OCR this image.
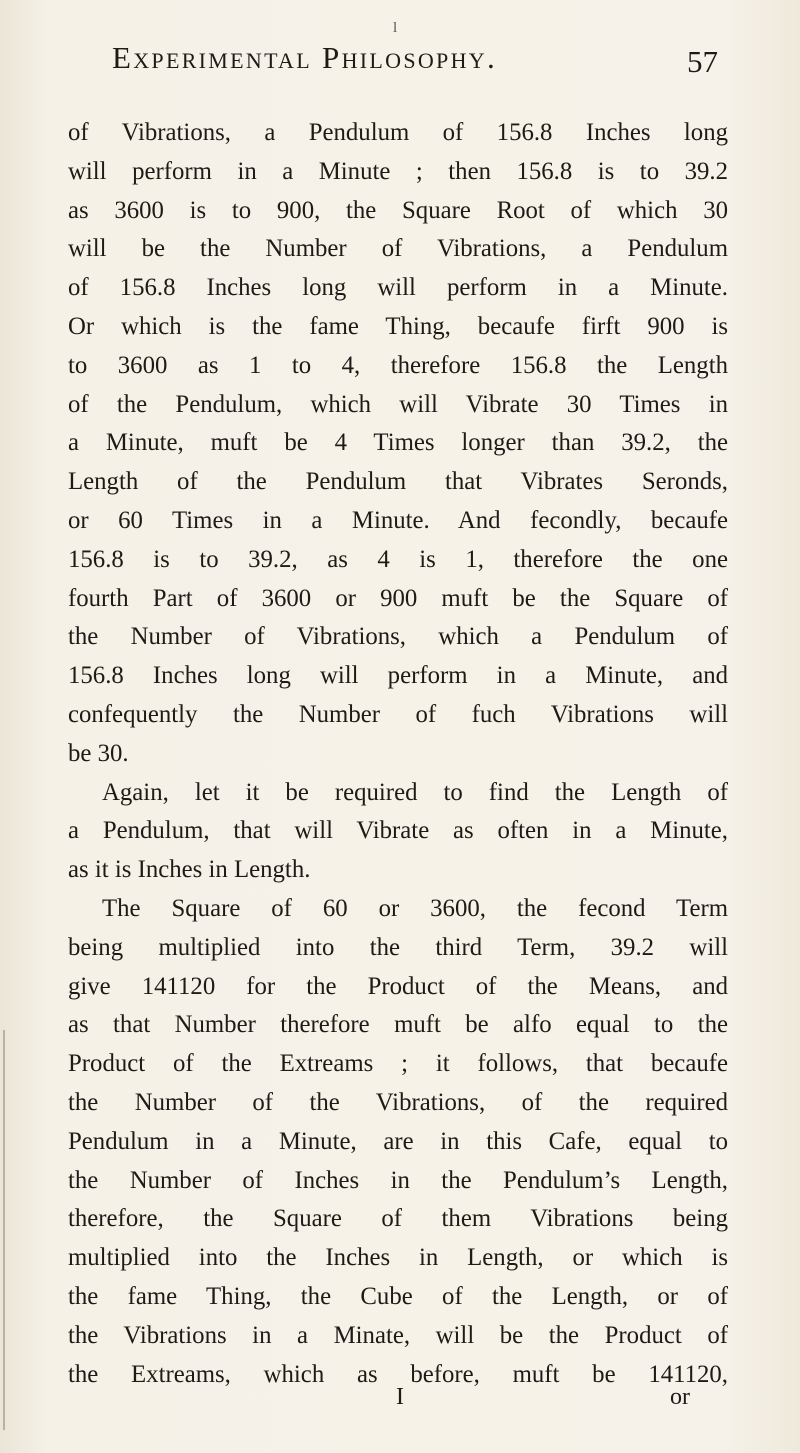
l
Experimental Philosophy.	57
of Vibrations, a Pendulum of 156.8 Inches long
will perform in a Minute ; then 156.8 is to 39.2
as 3600 is to 900, the Square Root of which 30
will be the Number of Vibrations, a Pendulum
of 156.8 Inches long will perform in a Minute.
Or which is the fame Thing, becaufe firft 900 is
to 3600 as 1 to 4, therefore 156.8 the Length
of the Pendulum, which will Vibrate 30 Times in
a Minute, muft be 4 Times longer than 39.2, the
Length of the Pendulum that Vibrates Seronds,
or 60 Times in a Minute. And fecondly, becaufe
156.8 is to 39.2, as 4 is 1, therefore the one
fourth Part of 3600 or 900 muft be the Square of
the Number of Vibrations, which a Pendulum of
156.8 Inches long will perform in a Minute, and
confequently the Number of fuch Vibrations will
be 30.
Again, let it be required to find the Length of
a Pendulum, that will Vibrate as often in a Minute,
as it is Inches in Length.
The Square of 60 or 3600, the fecond Term
being multiplied into the third Term, 39.2 will
give 141120 for the Product of the Means, and
as that Number therefore muft be alfo equal to the
Product of the Extreams ; it follows, that becaufe
the Number of the Vibrations, of the required
Pendulum in a Minute, are in this Cafe, equal to
the Number of Inches in the Pendulum’s Length,
therefore, the Square of them Vibrations being
multiplied into the Inches in Length, or which is
the fame Thing, the Cube of the Length, or of
the Vibrations in a Minate, will be the Product of
the Extreams, which as before, muft be 141120,
I	or
